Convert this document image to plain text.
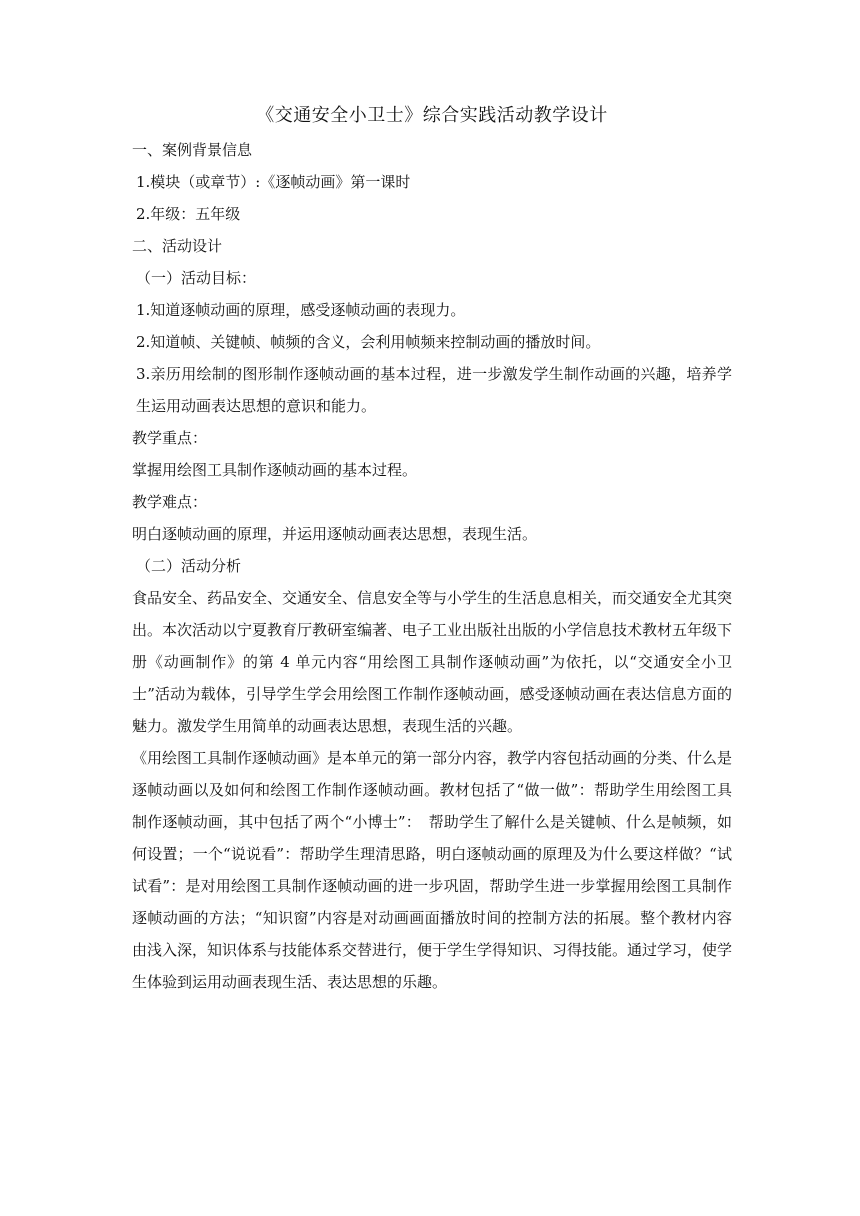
《交通安全小卫士》综合实践活动教学设计
一、案例背景信息
1.模块（或章节）:《逐帧动画》第一课时
2.年级：五年级
二、活动设计
（一）活动目标：
1.知道逐帧动画的原理，感受逐帧动画的表现力。
2.知道帧、关键帧、帧频的含义，会利用帧频来控制动画的播放时间。

3.亲历用绘制的图形制作逐帧动画的基本过程，进一步激发学生制作动画的兴趣，培养学生运用动画表达思想的意识和能力。

教学重点：
掌握用绘图工具制作逐帧动画的基本过程。
教学难点：
明白逐帧动画的原理，并运用逐帧动画表达思想，表现生活。
（二）活动分析

食品安全、药品安全、交通安全、信息安全等与小学生的生活息息相关，而交通安全尤其突出。本次活动以宁夏教育厅教研室编著、电子工业出版社出版的小学信息技术教材五年级下册《动画制作》的第 4 单元内容“用绘图工具制作逐帧动画”为依托，以“交通安全小卫士”活动为载体，引导学生学会用绘图工作制作逐帧动画，感受逐帧动画在表达信息方面的魅力。激发学生用简单的动画表达思想，表现生活的兴趣。

《用绘图工具制作逐帧动画》是本单元的第一部分内容，教学内容包括动画的分类、什么是逐帧动画以及如何和绘图工作制作逐帧动画。教材包括了“做一做”：帮助学生用绘图工具制作逐帧动画，其中包括了两个“小博士”：　帮助学生了解什么是关键帧、什么是帧频，如何设置；一个“说说看”：帮助学生理清思路，明白逐帧动画的原理及为什么要这样做？“试试看”：是对用绘图工具制作逐帧动画的进一步巩固，帮助学生进一步掌握用绘图工具制作逐帧动画的方法；“知识窗”内容是对动画画面播放时间的控制方法的拓展。整个教材内容由浅入深，知识体系与技能体系交替进行，便于学生学得知识、习得技能。通过学习，使学生体验到运用动画表现生活、表达思想的乐趣。
